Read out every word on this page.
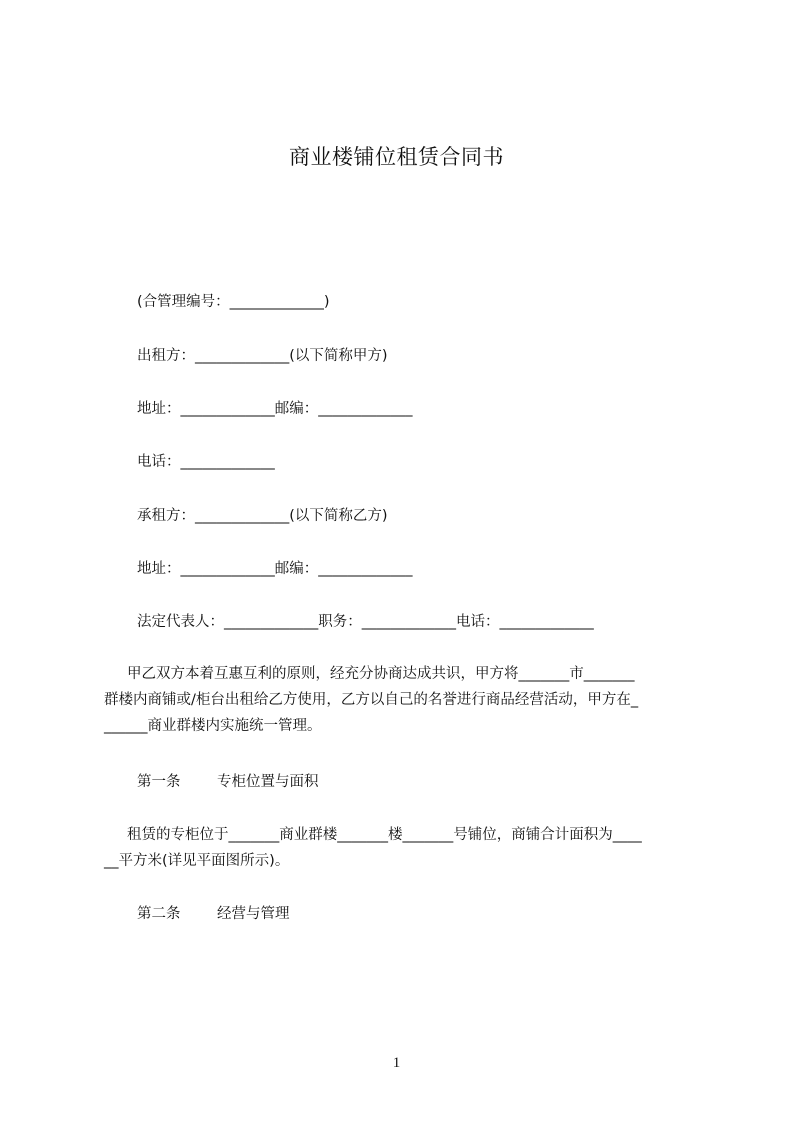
商业楼铺位租赁合同书
(合管理编号：_____________)
出租方：_____________(以下简称甲方)
地址：_____________邮编：_____________
电话：_____________
承租方：_____________(以下简称乙方)
地址：_____________邮编：_____________
法定代表人：_____________职务：_____________电话：_____________
甲乙双方本着互惠互利的原则，经充分协商达成共识，甲方将_______市_______
群楼内商铺或/柜台出租给乙方使用，乙方以自己的名誉进行商品经营活动，甲方在_
______商业群楼内实施统一管理。
第一条	专柜位置与面积
租赁的专柜位于_______商业群楼_______楼_______号铺位，商铺合计面积为____
__平方米(详见平面图所示)。
第二条	经营与管理
1
